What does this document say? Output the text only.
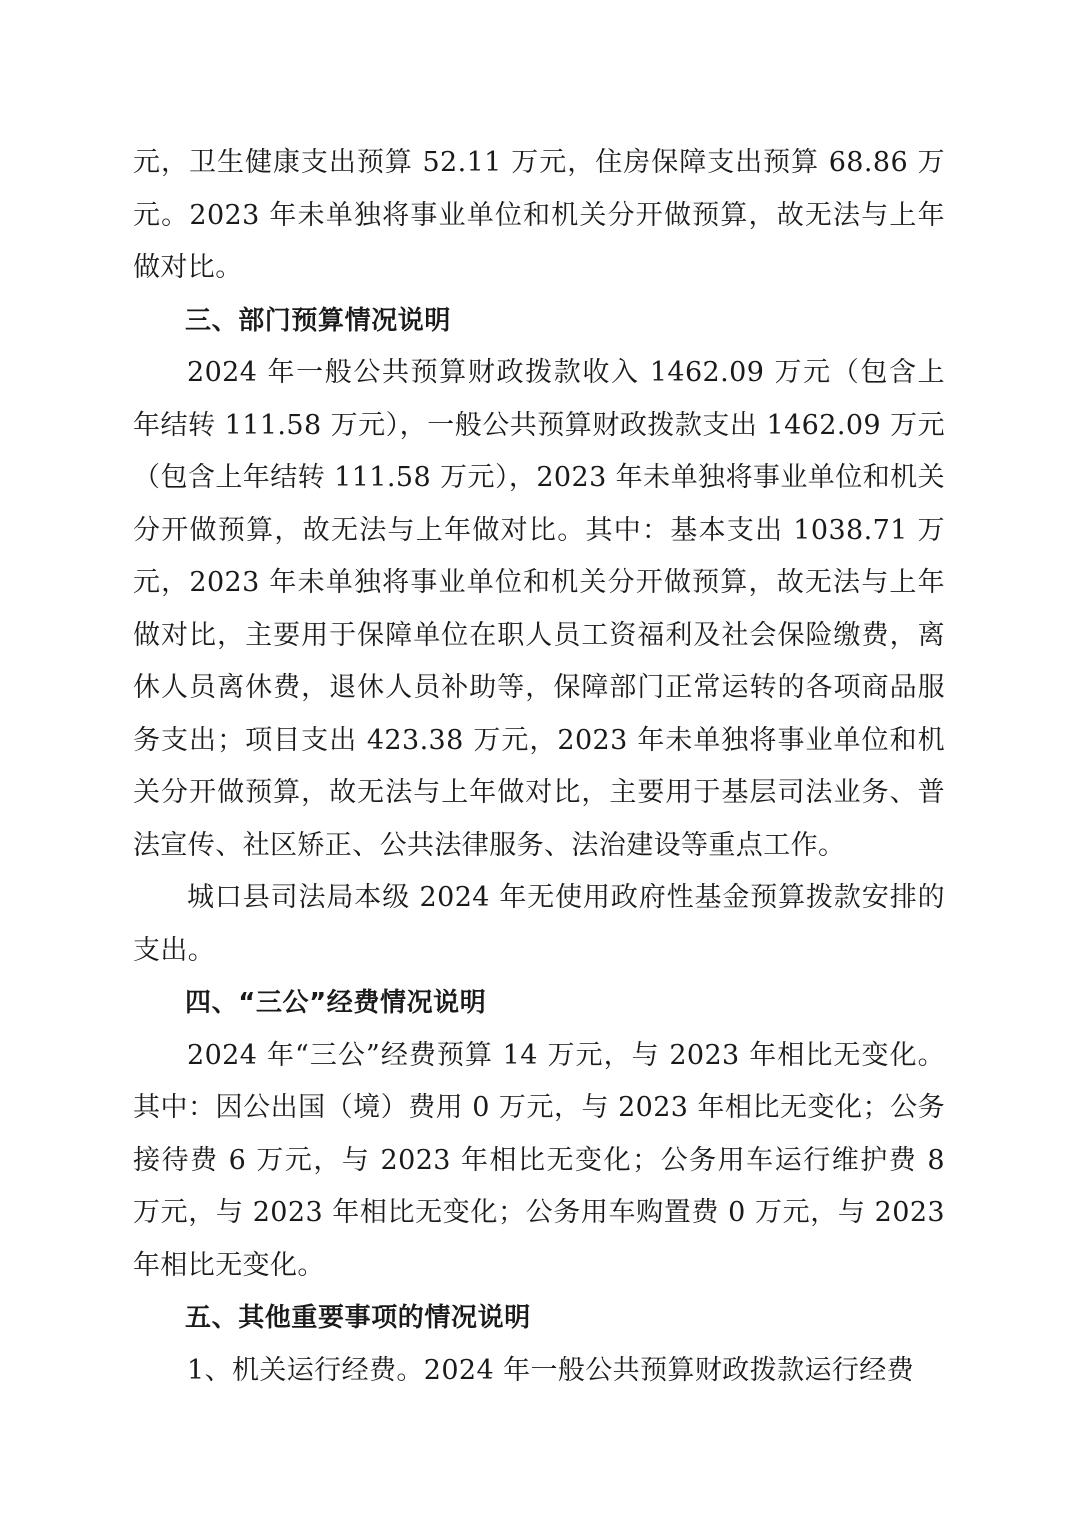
元，卫生健康支出预算 52.11 万元，住房保障支出预算 68.86 万元。2023 年未单独将事业单位和机关分开做预算，故无法与上年做对比。

三、部门预算情况说明

2024 年一般公共预算财政拨款收入 1462.09 万元（包含上年结转 111.58 万元），一般公共预算财政拨款支出 1462.09 万元（包含上年结转 111.58 万元），2023 年未单独将事业单位和机关分开做预算，故无法与上年做对比。其中：基本支出 1038.71 万元，2023 年未单独将事业单位和机关分开做预算，故无法与上年做对比，主要用于保障单位在职人员工资福利及社会保险缴费，离休人员离休费，退休人员补助等，保障部门正常运转的各项商品服务支出；项目支出 423.38 万元，2023 年未单独将事业单位和机关分开做预算，故无法与上年做对比，主要用于基层司法业务、普法宣传、社区矫正、公共法律服务、法治建设等重点工作。

城口县司法局本级 2024 年无使用政府性基金预算拨款安排的支出。

四、“三公”经费情况说明

2024 年“三公”经费预算 14 万元，与 2023 年相比无变化。其中：因公出国（境）费用 0 万元，与 2023 年相比无变化；公务接待费 6 万元，与 2023 年相比无变化；公务用车运行维护费 8 万元，与 2023 年相比无变化；公务用车购置费 0 万元，与 2023 年相比无变化。

五、其他重要事项的情况说明

1、机关运行经费。2024 年一般公共预算财政拨款运行经费
